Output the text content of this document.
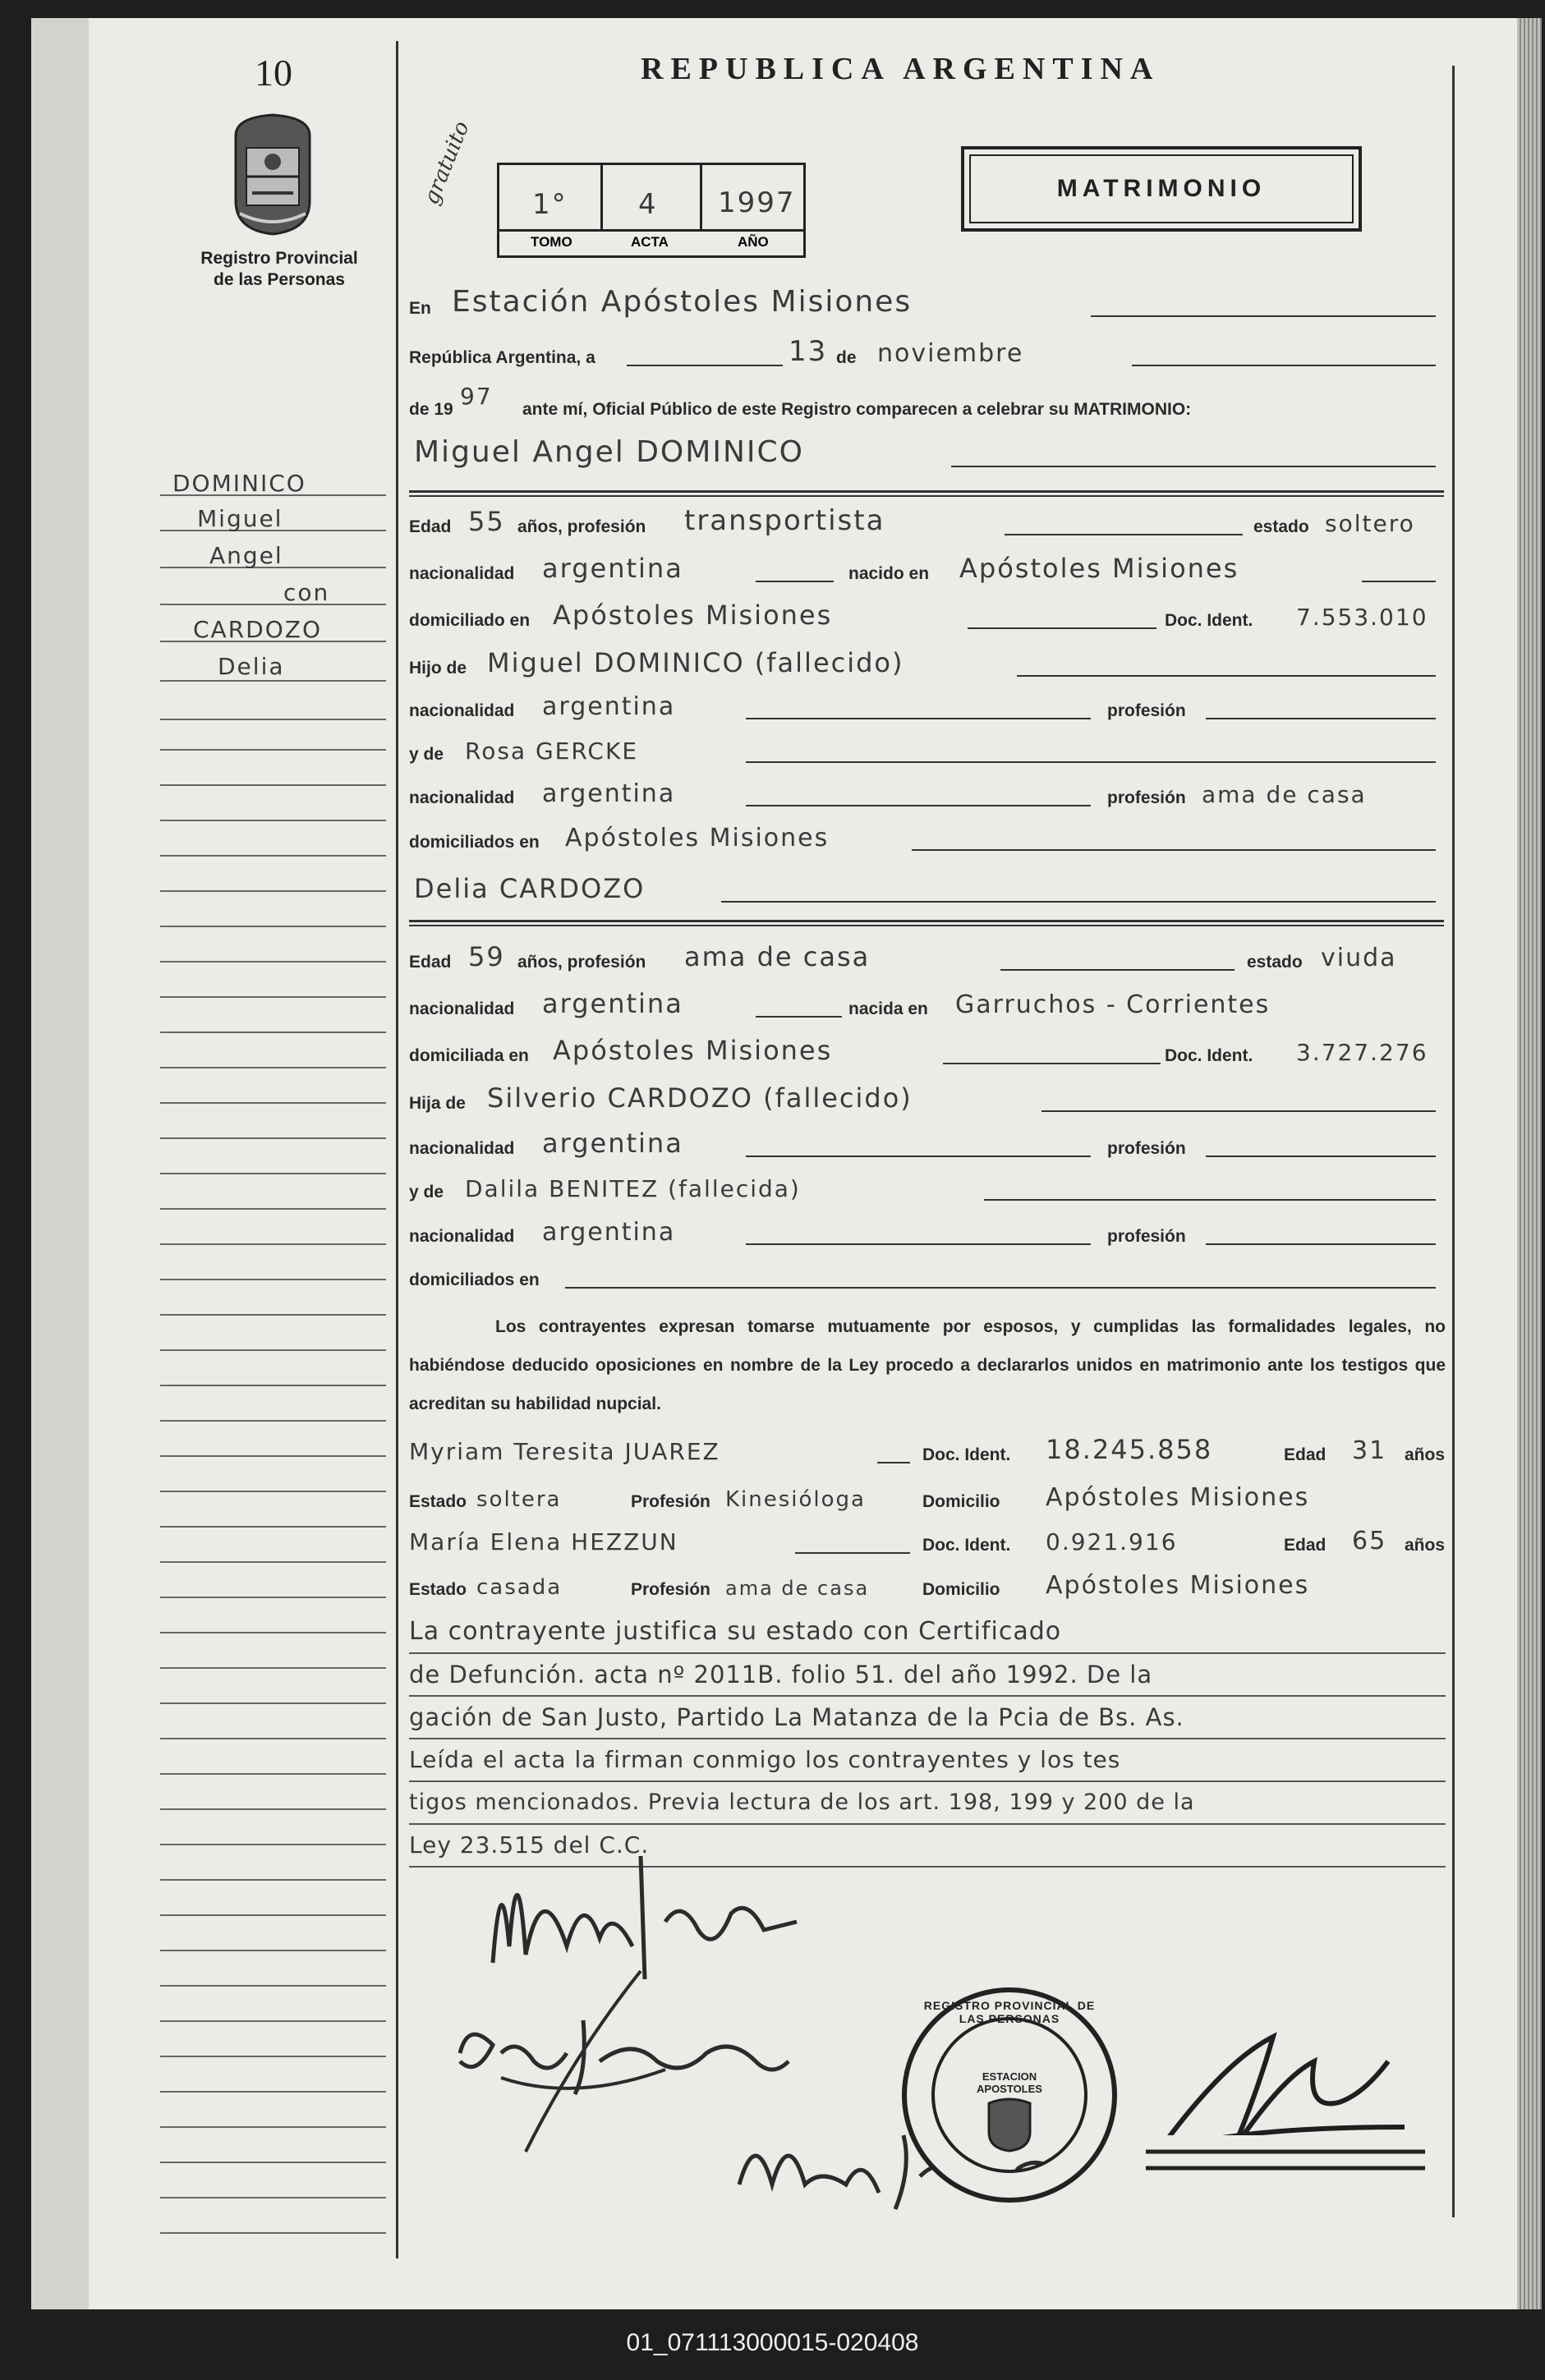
10
Registro Provincial
de las Personas
DOMINICO
Miguel
Angel
con
CARDOZO
Delia
REPUBLICA ARGENTINA
gratuito 1°	4 1997
TOMO	ACTA	AÑO
MATRIMONIO
En Estación Apóstoles Misiones
República Argentina, a	13 de noviembre
de 19 97 ante mí, Oficial Público de este Registro comparecen a celebrar su MATRIMONIO:
Miguel Angel DOMINICO
Edad 55 años, profesión transportista	estado soltero
nacionalidad argentina	nacido en Apóstoles Misiones
domiciliado en Apóstoles Misiones	Doc. Ident. 7.553.010
Hijo de Miguel DOMINICO (fallecido)
nacionalidad argentina	profesión
y de Rosa GERCKE
nacionalidad argentina	profesión ama de casa
domiciliados en Apóstoles Misiones
Delia CARDOZO
Edad 59 años, profesión ama de casa	estado viuda
nacionalidad argentina	nacida en Garruchos - Corrientes
domiciliada en Apóstoles Misiones	Doc. Ident. 3.727.276
Hija de Silverio CARDOZO (fallecido)
nacionalidad argentina	profesión
y de Dalila BENITEZ (fallecida)
nacionalidad argentina	profesión
domiciliados en
Los contrayentes expresan tomarse mutuamente por esposos, y cumplidas las formalidades legales, no habiéndose deducido oposiciones en nombre de la Ley procedo a declararlos unidos en matrimonio ante los testigos que acreditan su habilidad nupcial.
Myriam Teresita JUAREZ	Doc. Ident. 18.245.858	Edad 31 años
Estado soltera	Profesión Kinesióloga	Domicilio Apóstoles Misiones
María Elena HEZZUN	Doc. Ident. 0.921.916	Edad 65 años
Estado casada	Profesión ama de casa	Domicilio Apóstoles Misiones
La contrayente justifica su estado con Certificado
de Defunción. acta nº 2011B. folio 51. del año 1992. De la
gación de San Justo, Partido La Matanza de la Pcia de Bs. As.
Leída el acta la firman conmigo los contrayentes y los tes
tigos mencionados. Previa lectura de los art. 198, 199 y 200 de la
Ley 23.515 del C.C.
REGISTRO PROVINCIAL DE LAS PERSONAS
ESTACION APOSTOLES
01_071113000015-020408
